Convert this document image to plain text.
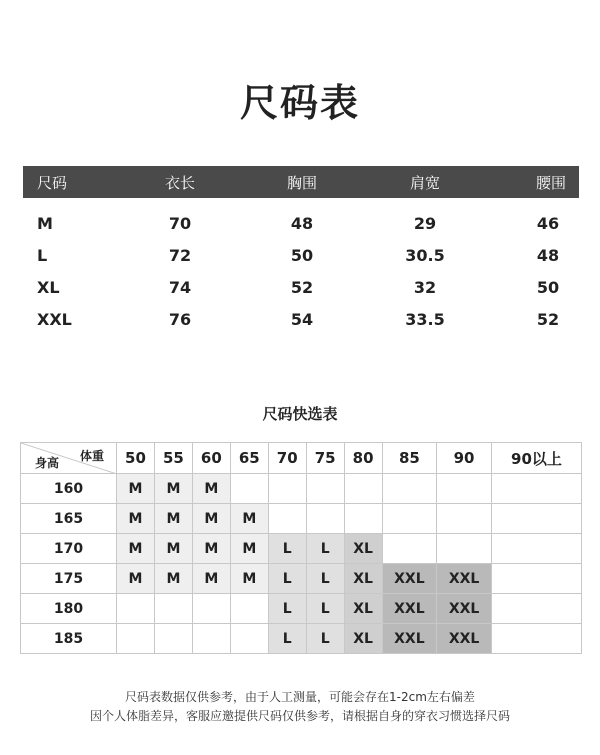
尺码表
尺码	衣长	胸围	肩宽	腰围
M	70	48	29	46
L	72	50	30.5	48
XL	74	52	32	50
XXL	76	54	33.5	52
尺码快选表
体重
身高	50	55	60	65	70	75	80	85	90	90以上
160	M	M	M							
165	M	M	M	M						
170	M	M	M	M	L	L	XL			
175	M	M	M	M	L	L	XL	XXL	XXL	
180					L	L	XL	XXL	XXL	
185					L	L	XL	XXL	XXL	
尺码表数据仅供参考，由于人工测量，可能会存在1-2cm左右偏差
因个人体脂差异，客服应邀提供尺码仅供参考，请根据自身的穿衣习惯选择尺码
